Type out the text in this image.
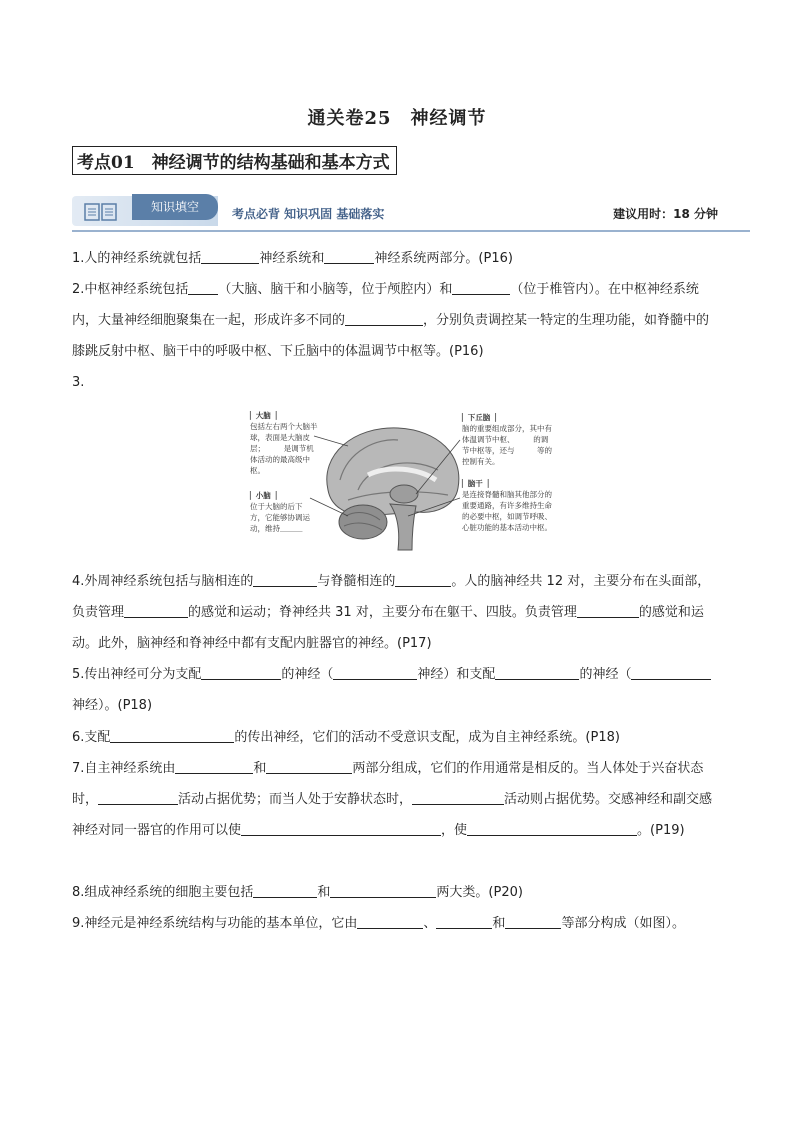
通关卷25　神经调节
考点01　神经调节的结构基础和基本方式
知识填空	考点必背 知识巩固 基础落实	建议用时：18 分钟
1.人的神经系统就包括	神经系统和	神经系统两部分。(P16)
2.中枢神经系统包括 （大脑、脑干和小脑等，位于颅腔内）和	（位于椎管内）。在中枢神经系统内，大量神经细胞聚集在一起，形成许多不同的	，分别负责调控某一特定的生理功能，如脊髓中的膝跳反射中枢、脑干中的呼吸中枢、下丘脑中的体温调节中枢等。(P16)
3.
▏大脑▕
包括左右两个大脑半球，表面是大脑皮层；　　　是调节机体活动的最高级中枢。
▏小脑▕
位于大脑的后下方，它能够协调运动，维持＿＿＿
▏下丘脑▕
脑的重要组成部分，其中有体温调节中枢、　　　的调节中枢等，还与　　　等的控制有关。
▏脑干▕
是连接脊髓和脑其他部分的重要通路，有许多维持生命的必要中枢，如调节呼吸、心脏功能的基本活动中枢。
4.外周神经系统包括与脑相连的	与脊髓相连的	。人的脑神经共 12 对，主要分布在头面部，负责管理	的感觉和运动；脊神经共 31 对，主要分布在躯干、四肢。负责管理	的感觉和运动。此外，脑神经和脊神经中都有支配内脏器官的神经。(P17)
5.传出神经可分为支配	的神经（	神经）和支配	的神经（神经）。(P18)
6.支配	的传出神经，它们的活动不受意识支配，成为自主神经系统。(P18)
7.自主神经系统由	和	两部分组成，它们的作用通常是相反的。当人体处于兴奋状态时，	活动占据优势；而当人处于安静状态时，	活动则占据优势。交感神经和副交感神经对同一器官的作用可以使	，使	。(P19)
8.组成神经系统的细胞主要包括	和	两大类。(P20)
9.神经元是神经系统结构与功能的基本单位，它由	、	和	等部分构成（如图）。
